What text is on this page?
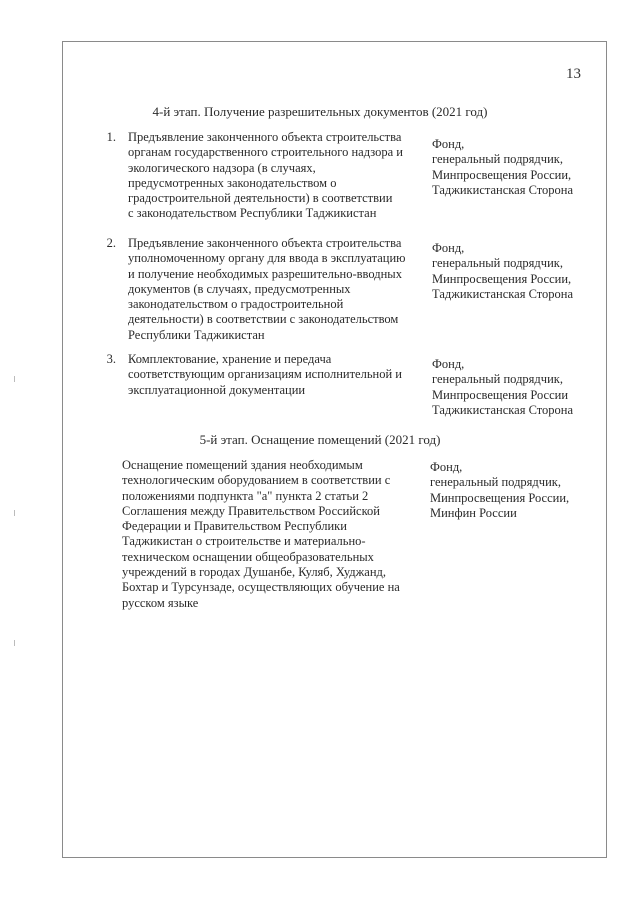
13
4-й этап. Получение разрешительных документов (2021 год)
1. Предъявление законченного объекта строительства
органам государственного строительного надзора и
экологического надзора (в случаях,
предусмотренных законодательством о
градостроительной деятельности) в соответствии
с законодательством Республики Таджикистан
Фонд,
генеральный подрядчик,
Минпросвещения России,
Таджикистанская Сторона
2. Предъявление законченного объекта строительства
уполномоченному органу для ввода в эксплуатацию
и получение необходимых разрешительно-вводных
документов (в случаях, предусмотренных
законодательством о градостроительной
деятельности) в соответствии с законодательством
Республики Таджикистан
Фонд,
генеральный подрядчик,
Минпросвещения России,
Таджикистанская Сторона
3. Комплектование, хранение и передача
соответствующим организациям исполнительной и
эксплуатационной документации
Фонд,
генеральный подрядчик,
Минпросвещения России
Таджикистанская Сторона
5-й этап. Оснащение помещений (2021 год)
Оснащение помещений здания необходимым
технологическим оборудованием в соответствии с
положениями подпункта "а" пункта 2 статьи 2
Соглашения между Правительством Российской
Федерации и Правительством Республики
Таджикистан о строительстве и материально-
техническом оснащении общеобразовательных
учреждений в городах Душанбе, Куляб, Худжанд,
Бохтар и Турсунзаде, осуществляющих обучение на
русском языке
Фонд,
генеральный подрядчик,
Минпросвещения России,
Минфин России
